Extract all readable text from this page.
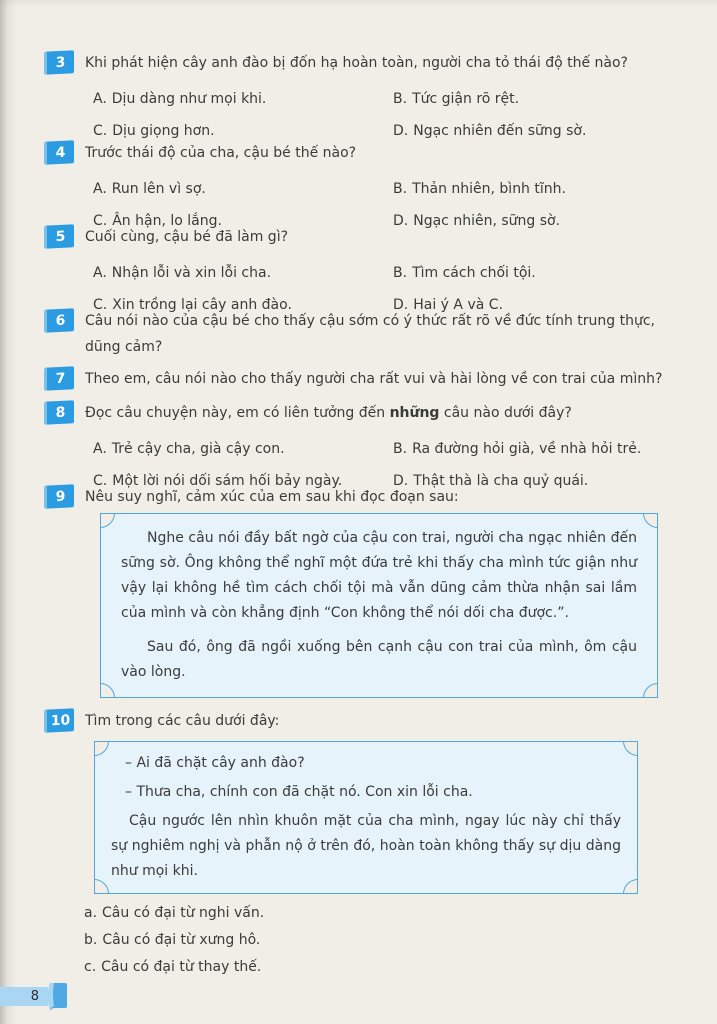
3	Khi phát hiện cây anh đào bị đốn hạ hoàn toàn, người cha tỏ thái độ thế nào?
A. Dịu dàng như mọi khi.	B. Tức giận rõ rệt.
C. Dịu giọng hơn.	D. Ngạc nhiên đến sững sờ.
4	Trước thái độ của cha, cậu bé thế nào?
A. Run lên vì sợ.	B. Thản nhiên, bình tĩnh.
C. Ân hận, lo lắng.	D. Ngạc nhiên, sững sờ.
5	Cuối cùng, cậu bé đã làm gì?
A. Nhận lỗi và xin lỗi cha.	B. Tìm cách chối tội.
C. Xin trồng lại cây anh đào.	D. Hai ý A và C.
6	Câu nói nào của cậu bé cho thấy cậu sớm có ý thức rất rõ về đức tính trung thực, dũng cảm?
7	Theo em, câu nói nào cho thấy người cha rất vui và hài lòng về con trai của mình?
8	Đọc câu chuyện này, em có liên tưởng đến những câu nào dưới đây?
A. Trẻ cậy cha, già cậy con.	B. Ra đường hỏi già, về nhà hỏi trẻ.
C. Một lời nói dối sám hối bảy ngày.	D. Thật thà là cha quỷ quái.
9	Nêu suy nghĩ, cảm xúc của em sau khi đọc đoạn sau:

Nghe câu nói đầy bất ngờ của cậu con trai, người cha ngạc nhiên đến sững sờ. Ông không thể nghĩ một đứa trẻ khi thấy cha mình tức giận như vậy lại không hề tìm cách chối tội mà vẫn dũng cảm thừa nhận sai lầm của mình và còn khẳng định “Con không thể nói dối cha được.”.

Sau đó, ông đã ngồi xuống bên cạnh cậu con trai của mình, ôm cậu vào lòng.

10 Tìm trong các câu dưới đây:

– Ai đã chặt cây anh đào?

– Thưa cha, chính con đã chặt nó. Con xin lỗi cha.

Cậu ngước lên nhìn khuôn mặt của cha mình, ngay lúc này chỉ thấy sự nghiêm nghị và phẫn nộ ở trên đó, hoàn toàn không thấy sự dịu dàng như mọi khi.

a. Câu có đại từ nghi vấn.
b. Câu có đại từ xưng hô.
c. Câu có đại từ thay thế.
8
